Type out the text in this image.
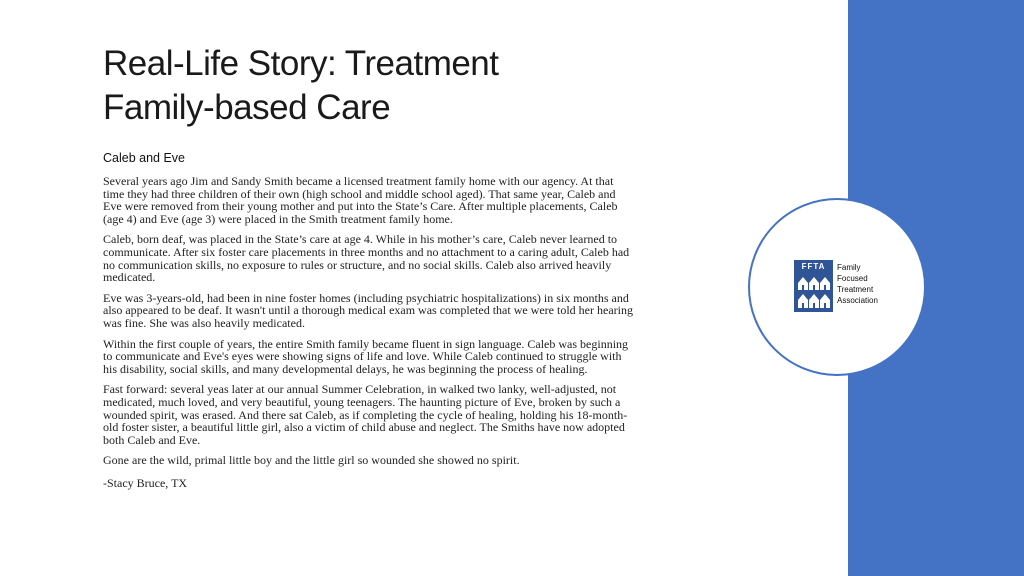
Real-Life Story: Treatment
Family-based Care
Caleb and Eve

Several years ago Jim and Sandy Smith became a licensed treatment family home with our agency. At that time they had three children of their own (high school and middle school aged). That same year, Caleb and Eve were removed from their young mother and put into the State’s Care. After multiple placements, Caleb (age 4) and Eve (age 3) were placed in the Smith treatment family home.

Caleb, born deaf, was placed in the State’s care at age 4. While in his mother’s care, Caleb never learned to communicate. After six foster care placements in three months and no attachment to a caring adult, Caleb had no communication skills, no exposure to rules or structure, and no social skills. Caleb also arrived heavily medicated.

Eve was 3-years-old, had been in nine foster homes (including psychiatric hospitalizations) in six months and also appeared to be deaf. It wasn't until a thorough medical exam was completed that we were told her hearing was fine. She was also heavily medicated.

Within the first couple of years, the entire Smith family became fluent in sign language. Caleb was beginning to communicate and Eve's eyes were showing signs of life and love. While Caleb continued to struggle with his disability, social skills, and many developmental delays, he was beginning the process of healing.

Fast forward: several yeas later at our annual Summer Celebration, in walked two lanky, well-adjusted, not medicated, much loved, and very beautiful, young teenagers. The haunting picture of Eve, broken by such a wounded spirit, was erased. And there sat Caleb, as if completing the cycle of healing, holding his 18-month-old foster sister, a beautiful little girl, also a victim of child abuse and neglect. The Smiths have now adopted both Caleb and Eve.

Gone are the wild, primal little boy and the little girl so wounded she showed no spirit.

-Stacy Bruce, TX

FFTA	Family
Focused
Treatment
Association
